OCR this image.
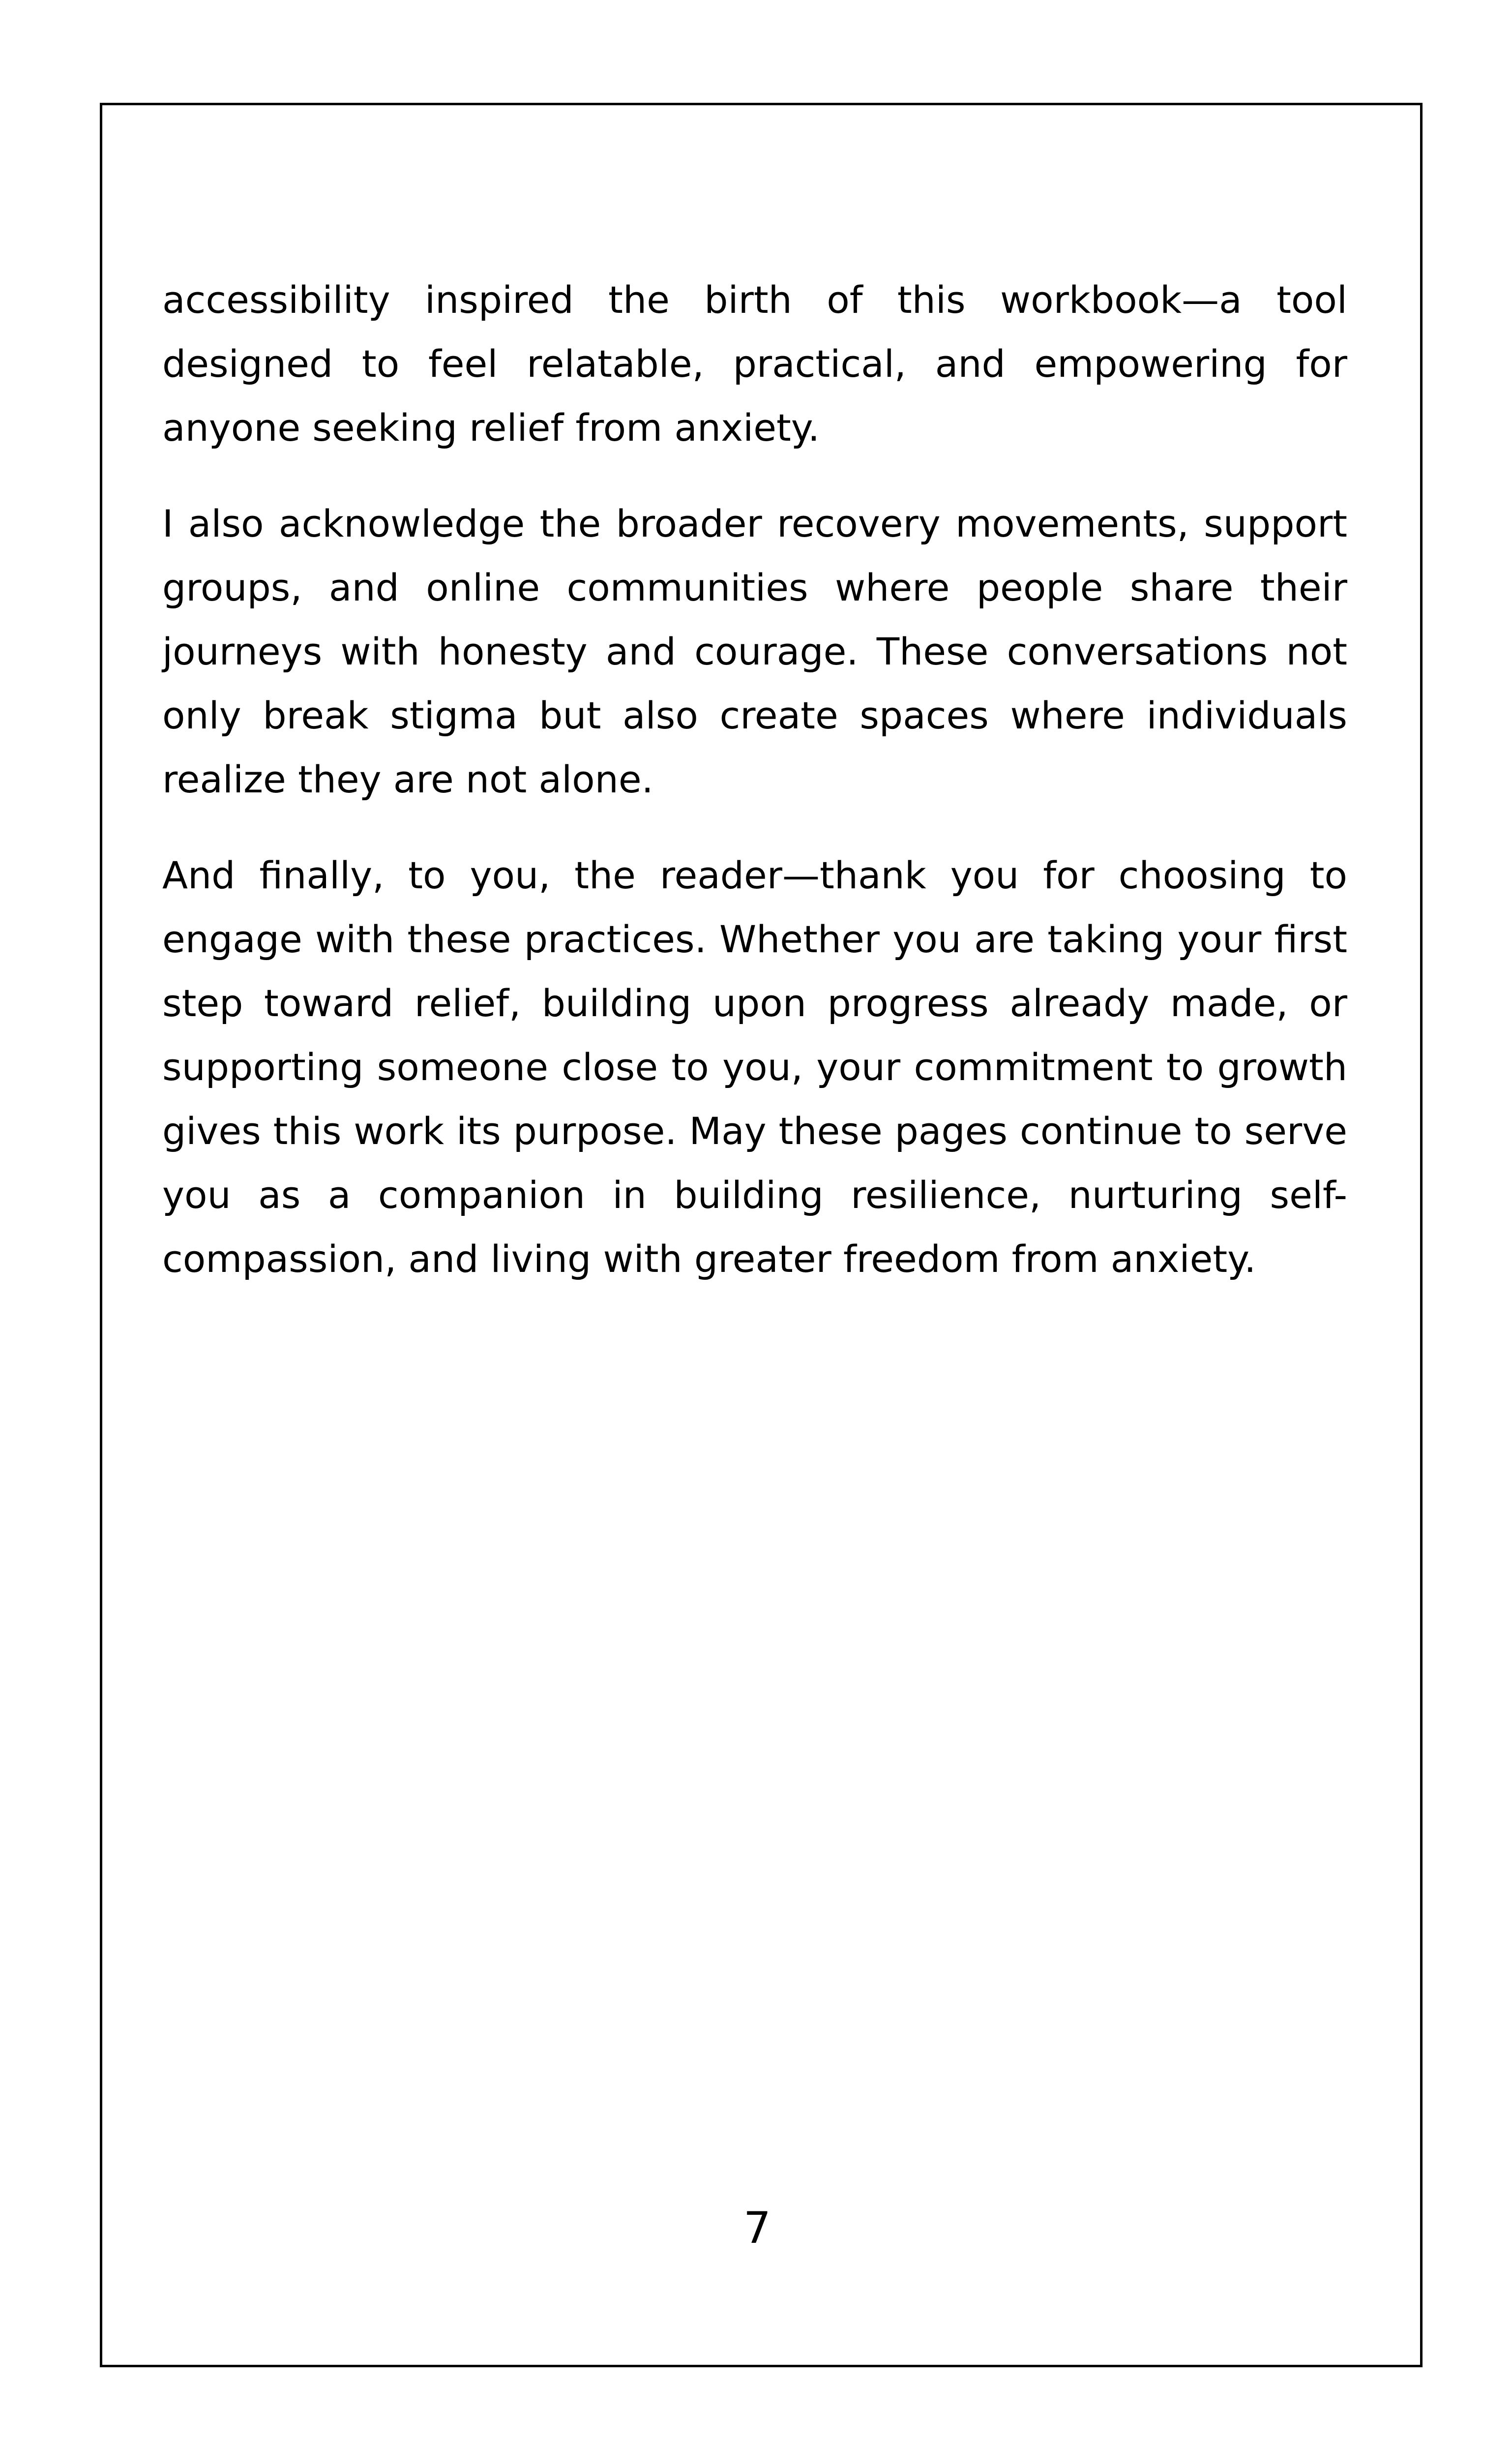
accessibility inspired the birth of this workbook—a tool designed to feel relatable, practical, and empowering for anyone seeking relief from anxiety.

I also acknowledge the broader recovery movements, support groups, and online communities where people share their journeys with honesty and courage. These conversations not only break stigma but also create spaces where individuals realize they are not alone.

And finally, to you, the reader—thank you for choosing to engage with these practices. Whether you are taking your first step toward relief, building upon progress already made, or supporting someone close to you, your commitment to growth gives this work its purpose. May these pages continue to serve you as a companion in building resilience, nurturing self-compassion, and living with greater freedom from anxiety.

7
